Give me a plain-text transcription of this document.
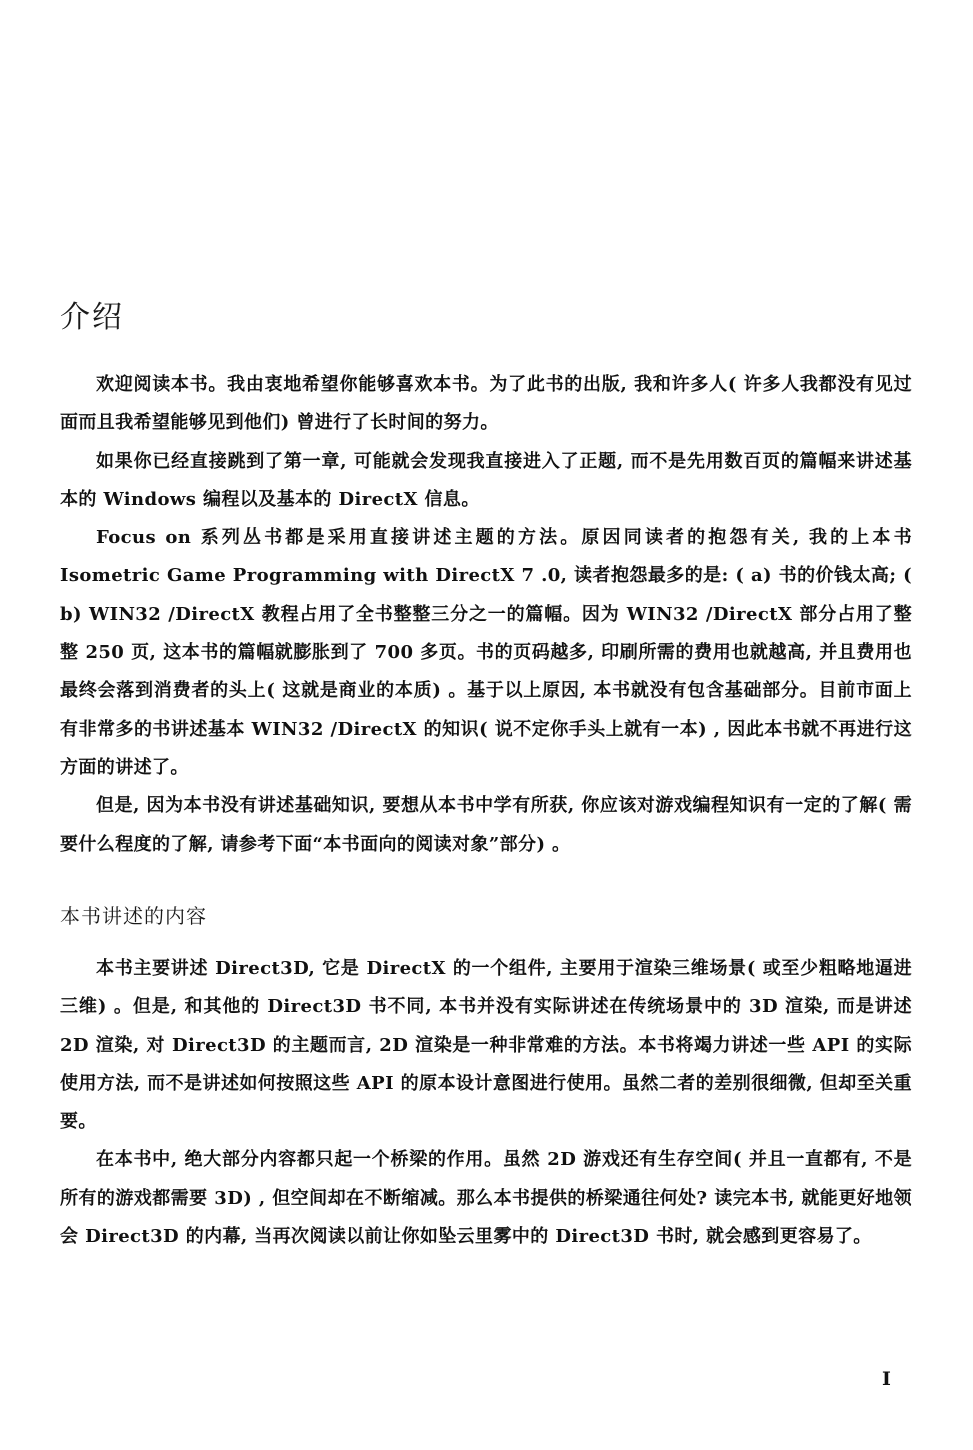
介绍

欢迎阅读本书。我由衷地希望你能够喜欢本书。为了此书的出版, 我和许多人( 许多人我都没有见过面而且我希望能够见到他们) 曾进行了长时间的努力。

如果你已经直接跳到了第一章, 可能就会发现我直接进入了正题, 而不是先用数百页的篇幅来讲述基本的 Windows 编程以及基本的 DirectX 信息。

Focus on 系列丛书都是采用直接讲述主题的方法。原因同读者的抱怨有关, 我的上本书 Isometric Game Programming with DirectX 7 .0, 读者抱怨最多的是: ( a) 书的价钱太高; ( b) WIN32 /DirectX 教程占用了全书整整三分之一的篇幅。因为 WIN32 /DirectX 部分占用了整整 250 页, 这本书的篇幅就膨胀到了 700 多页。书的页码越多, 印刷所需的费用也就越高, 并且费用也最终会落到消费者的头上( 这就是商业的本质) 。基于以上原因, 本书就没有包含基础部分。目前市面上有非常多的书讲述基本 WIN32 /DirectX 的知识( 说不定你手头上就有一本) , 因此本书就不再进行这方面的讲述了。

但是, 因为本书没有讲述基础知识, 要想从本书中学有所获, 你应该对游戏编程知识有一定的了解( 需要什么程度的了解, 请参考下面“本书面向的阅读对象”部分) 。

本书讲述的内容

本书主要讲述 Direct3D, 它是 DirectX 的一个组件, 主要用于渲染三维场景( 或至少粗略地逼进三维) 。但是, 和其他的 Direct3D 书不同, 本书并没有实际讲述在传统场景中的 3D 渲染, 而是讲述 2D 渲染, 对 Direct3D 的主题而言, 2D 渲染是一种非常难的方法。本书将竭力讲述一些 API 的实际使用方法, 而不是讲述如何按照这些 API 的原本设计意图进行使用。虽然二者的差别很细微, 但却至关重要。

在本书中, 绝大部分内容都只起一个桥梁的作用。虽然 2D 游戏还有生存空间( 并且一直都有, 不是所有的游戏都需要 3D) , 但空间却在不断缩减。那么本书提供的桥梁通往何处? 读完本书, 就能更好地领会 Direct3D 的内幕, 当再次阅读以前让你如坠云里雾中的 Direct3D 书时, 就会感到更容易了。

I
